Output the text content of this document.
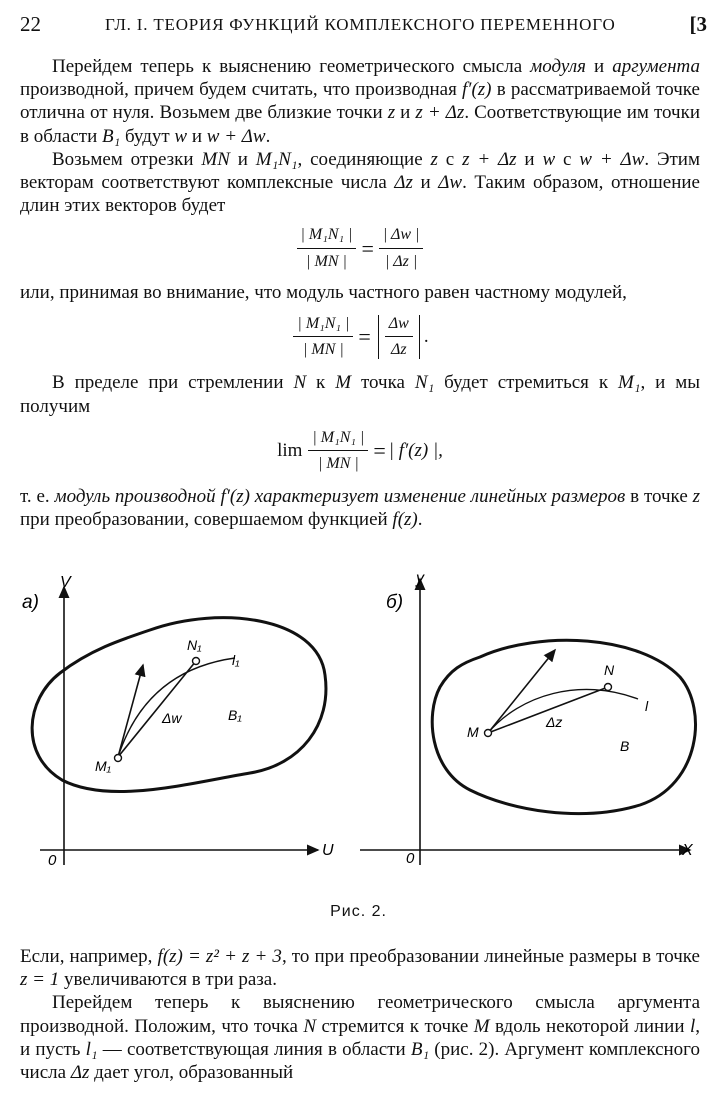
22	ГЛ. I. ТЕОРИЯ ФУНКЦИЙ КОМПЛЕКСНОГО ПЕРЕМЕННОГО	[3

Перейдем теперь к выяснению геометрического смысла модуля и аргумента производной, причем будем считать, что производная f′(z) в рассматриваемой точке отлична от нуля. Возьмем две близкие точки z и z + Δz. Соответствующие им точки в области B₁ будут w и w + Δw.

Возьмем отрезки MN и M₁N₁, соединяющие z с z + Δz и w с w + Δw. Этим векторам соответствуют комплексные числа Δz и Δw. Таким образом, отношение длин этих векторов будет

$\frac{\text{| M₁N₁ |}}{| MN |} = \frac{| \Delta w |}{| \Delta z |}$

или, принимая во внимание, что модуль частного равен частному модулей,

$\frac{\text{| M₁N₁ |}}{| MN |} = \frac{\Delta w}{\Delta z}$ .

В пределе при стремлении N к M точка N₁ будет стремиться к M₁, и мы получим

$\lim \frac{\text{| M₁N₁ |}}{| MN |}$ = | f′(z) |,

т. е. модуль производной f′(z) характеризует изменение линейных размеров в точке z при преобразовании, совершаемом функцией f(z).

V
U
0
а)
M₁
N₁
l₁
Δw	B₁
y
X
0
б)
M
N
l
Δz
B
Рис. 2.

Если, например, f(z) = z² + z + 3, то при преобразовании линейные размеры в точке z = 1 увеличиваются в три раза.

Перейдем теперь к выяснению геометрического смысла аргумента производной. Положим, что точка N стремится к точке M вдоль некоторой линии l, и пусть l₁ — соответствующая линия в области B₁ (рис. 2). Аргумент комплексного числа Δz дает угол, образованный
